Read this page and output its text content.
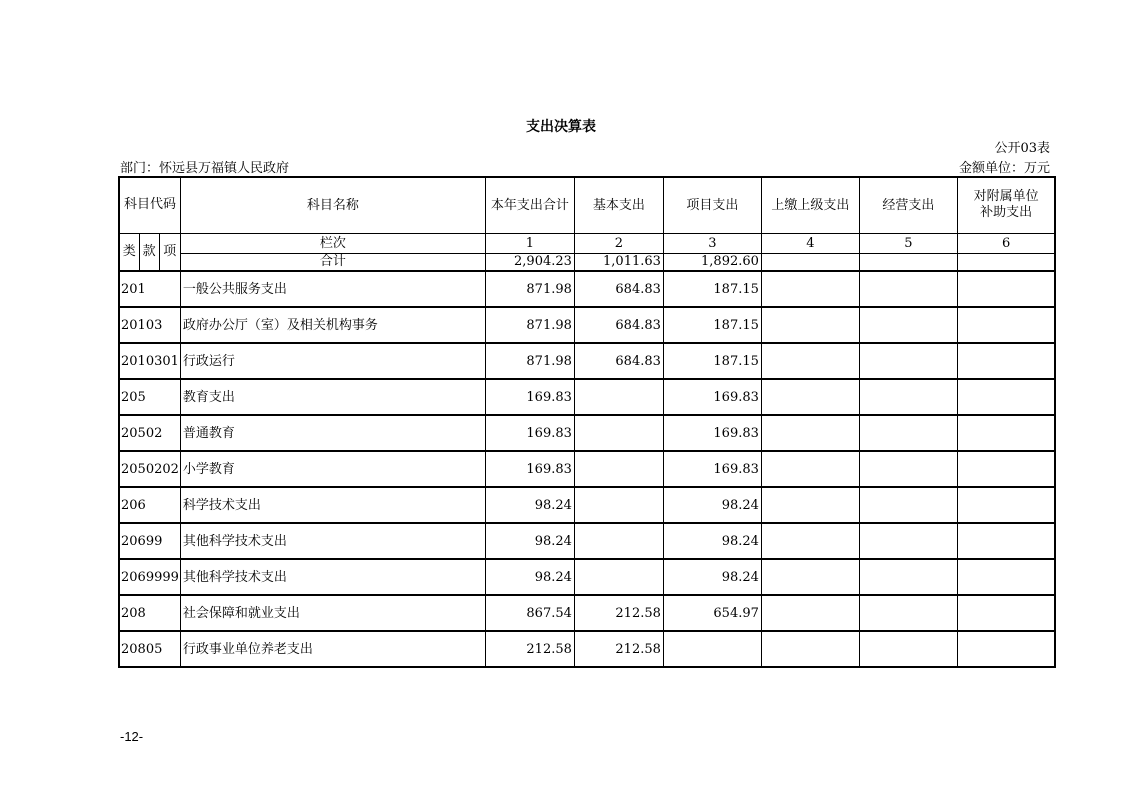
支出决算表
公开03表
部门：怀远县万福镇人民政府	金额单位：万元
科目代码			科目名称	本年支出合计	基本支出	项目支出	上缴上级支出	经营支出	对附属单位补助支出
类	款	项	栏次	1	2	3	4	5	6
			合计	2,904.23	1,011.63	1,892.60			
201			一般公共服务支出	871.98	684.83	187.15			
20103			政府办公厅（室）及相关机构事务	871.98	684.83	187.15			
2010301			行政运行	871.98	684.83	187.15			
205			教育支出	169.83		169.83			
20502			普通教育	169.83		169.83			
2050202			小学教育	169.83		169.83			
206			科学技术支出	98.24		98.24			
20699			其他科学技术支出	98.24		98.24			
2069999			其他科学技术支出	98.24		98.24			
208			社会保障和就业支出	867.54	212.58	654.97			
20805			行政事业单位养老支出	212.58	212.58				
-12-
